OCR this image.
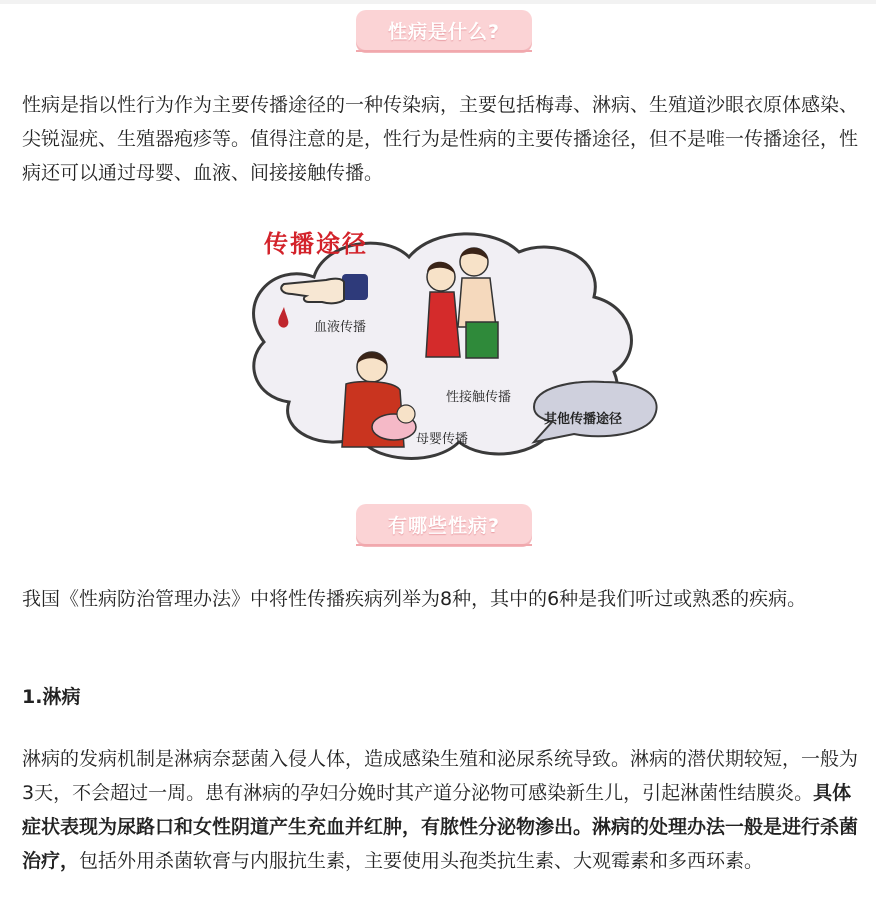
性病是什么?
性病是指以性行为作为主要传播途径的一种传染病，主要包括梅毒、淋病、生殖道沙眼衣原体感染、尖锐湿疣、生殖器疱疹等。值得注意的是，性行为是性病的主要传播途径，但不是唯一传播途径，性病还可以通过母婴、血液、间接接触传播。
传播途径
血液传播
性接触传播
母婴传播
其他传播途径
有哪些性病?
我国《性病防治管理办法》中将性传播疾病列举为8种，其中的6种是我们听过或熟悉的疾病。
1.淋病
淋病的发病机制是淋病奈瑟菌入侵人体，造成感染生殖和泌尿系统导致。淋病的潜伏期较短，一般为3天，不会超过一周。患有淋病的孕妇分娩时其产道分泌物可感染新生儿，引起淋菌性结膜炎。具体症状表现为尿路口和女性阴道产生充血并红肿，有脓性分泌物渗出。淋病的处理办法一般是进行杀菌治疗，包括外用杀菌软膏与内服抗生素，主要使用头孢类抗生素、大观霉素和多西环素。
